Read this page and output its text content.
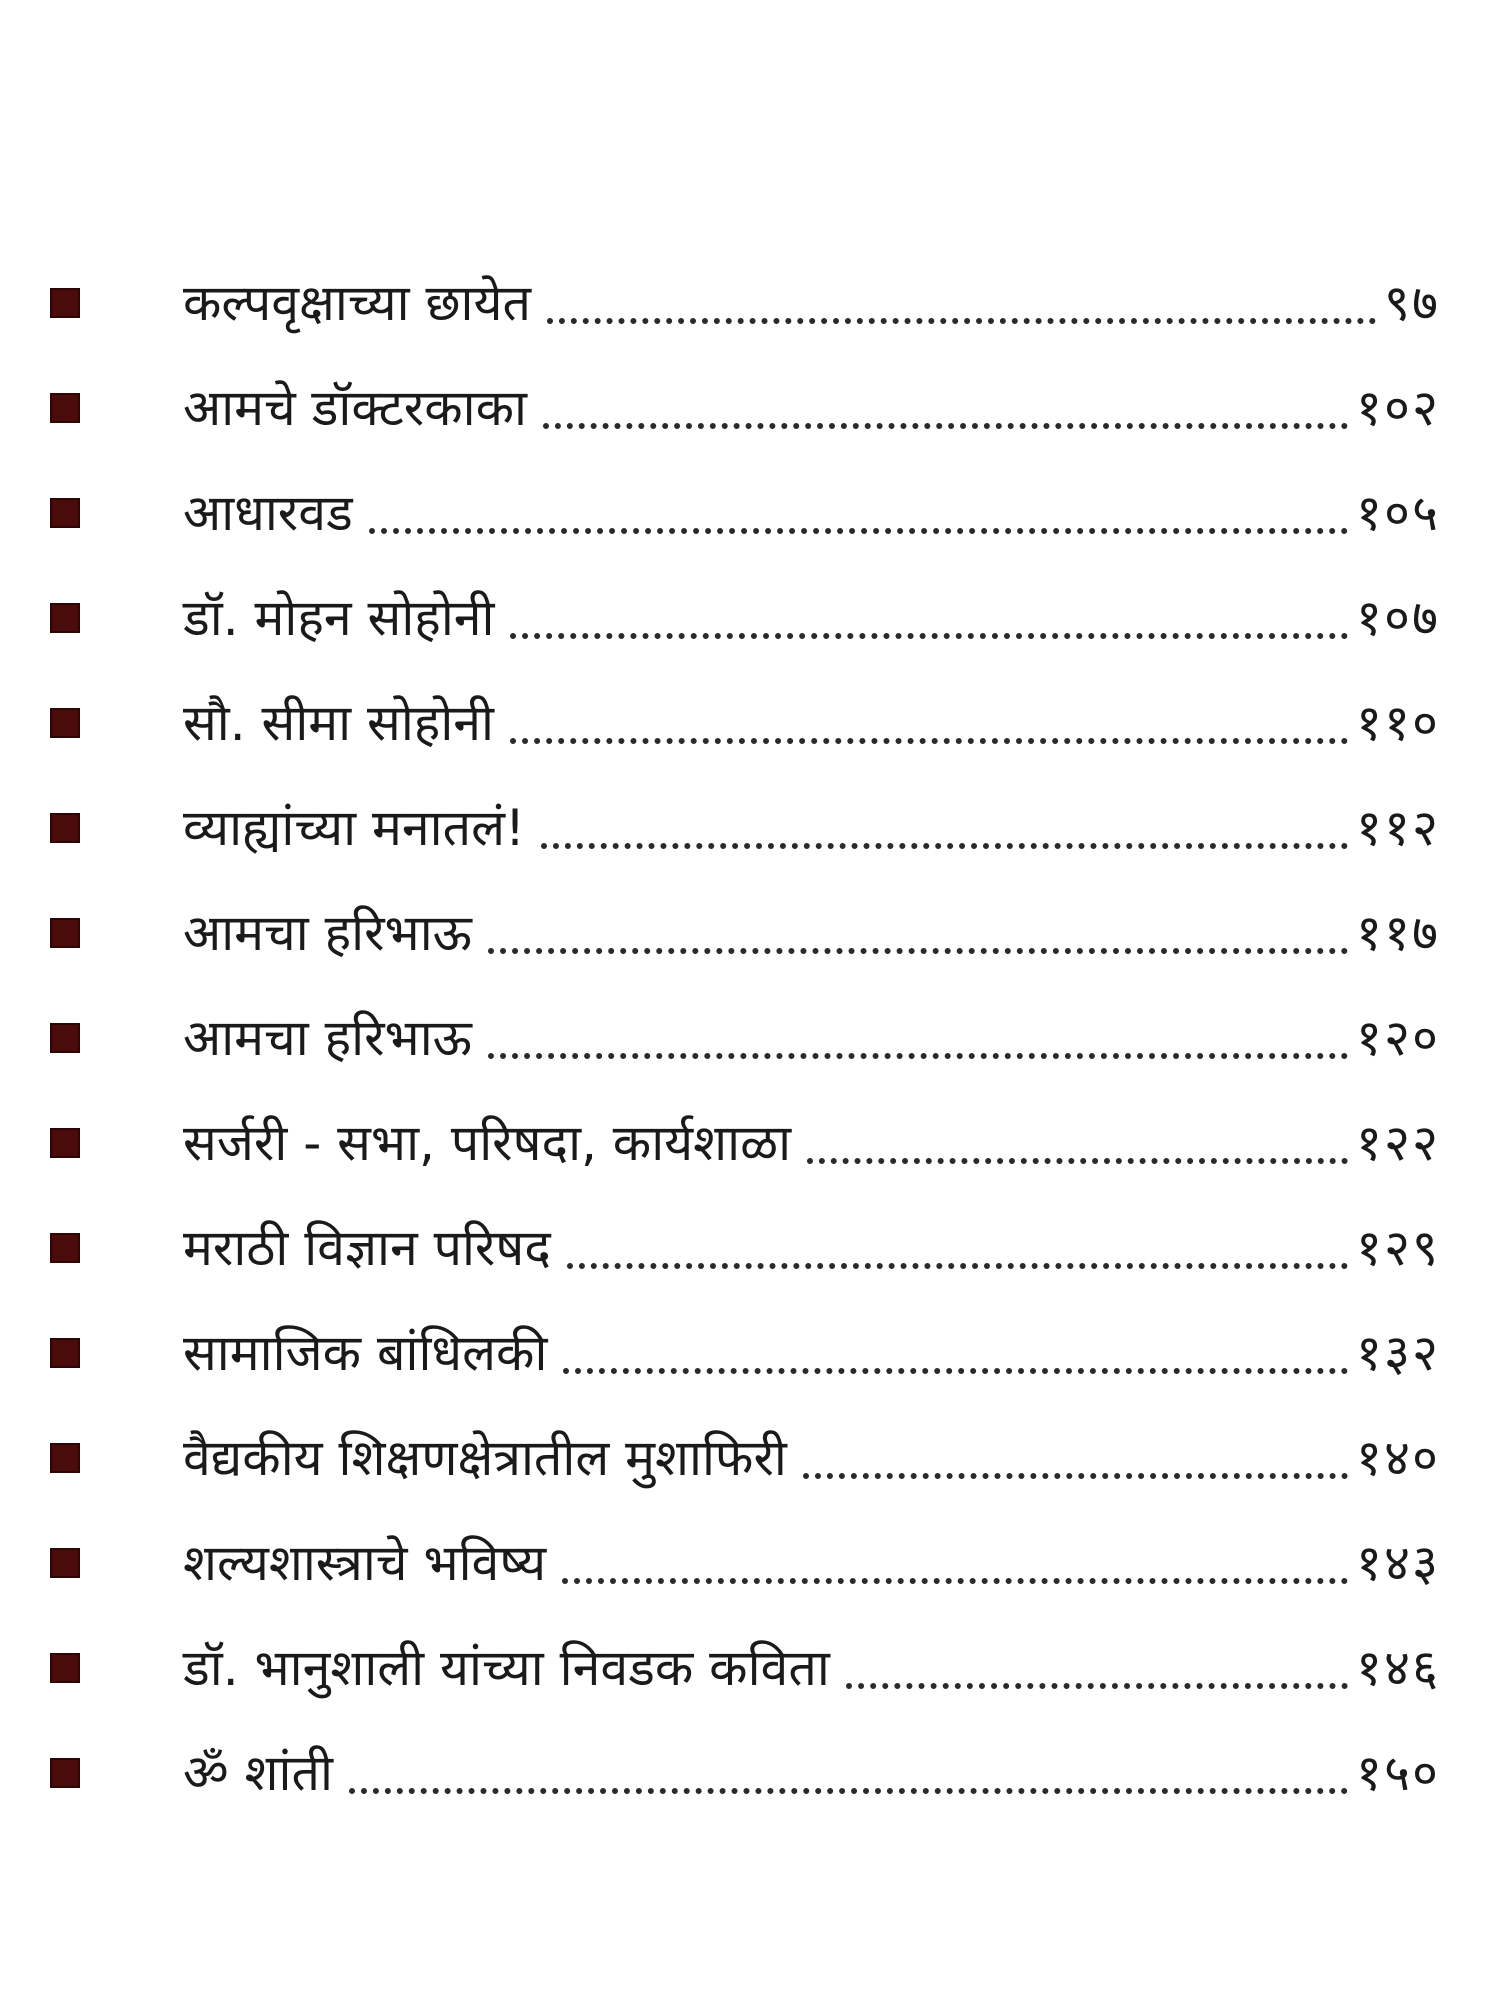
कल्पवृक्षाच्या छायेत	९७
आमचे डॉक्टरकाका	१०२
आधारवड	१०५
डॉ. मोहन सोहोनी	१०७
सौ. सीमा सोहोनी	११०
व्याह्यांच्या मनातलं!	११२
आमचा हरिभाऊ	११७
आमचा हरिभाऊ	१२०
सर्जरी - सभा, परिषदा, कार्यशाळा	१२२
मराठी विज्ञान परिषद	१२९
सामाजिक बांधिलकी	१३२
वैद्यकीय शिक्षणक्षेत्रातील मुशाफिरी	१४०
शल्यशास्त्राचे भविष्य	१४३
डॉ. भानुशाली यांच्या निवडक कविता	१४६
ॐ शांती	१५०
